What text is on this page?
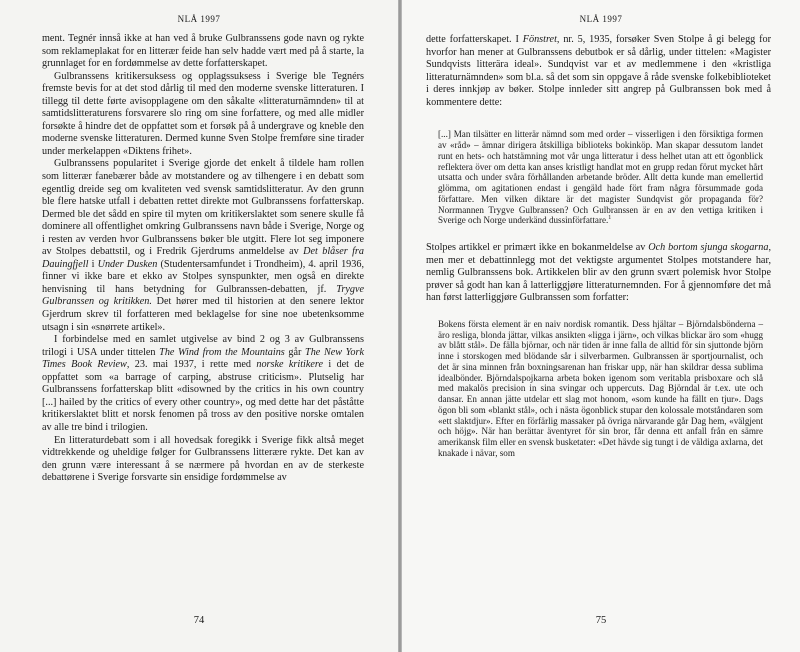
NLÅ 1997

ment. Tegnér innså ikke at han ved å bruke Gulbranssens gode navn og rykte som reklameplakat for en litterær feide han selv hadde vært med på å starte, la grunnlaget for en fordømmelse av dette forfatterskapet.

Gulbranssens kritikersuksess og opplagssuksess i Sverige ble Tegnérs fremste bevis for at det stod dårlig til med den moderne svenske litteraturen. I tillegg til dette førte avisopplagene om den såkalte «litteraturnämnden» til at samtidslitteraturens forsvarere slo ring om sine forfattere, og med alle midler forsøkte å hindre det de oppfattet som et forsøk på å undergrave og kneble den moderne svenske litteraturen. Dermed kunne Sven Stolpe fremføre sine tirader under merkelappen «Diktens frihet».

Gulbranssens popularitet i Sverige gjorde det enkelt å tildele ham rollen som litterær fanebærer både av motstandere og av tilhengere i en debatt som egentlig dreide seg om kvaliteten ved svensk samtidslitteratur. Av den grunn ble flere hatske utfall i debatten rettet direkte mot Gulbranssens forfatterskap. Dermed ble det sådd en spire til myten om kritikerslaktet som senere skulle få dominere all offentlighet omkring Gulbranssens navn både i Sverige, Norge og i resten av verden hvor Gulbranssens bøker ble utgitt. Flere lot seg imponere av Stolpes debattstil, og i Fredrik Gjerdrums anmeldelse av Det blåser fra Dauingfjell i Under Dusken (Studentersamfundet i Trondheim), 4. april 1936, finner vi ikke bare et ekko av Stolpes synspunkter, men også en direkte henvisning til hans betydning for Gulbranssen-debatten, jf. Trygve Gulbranssen og kritikken. Det hører med til historien at den senere lektor Gjerdrum skrev til forfatteren med beklagelse for sine noe ubetenksomme utsagn i sin «snørrete artikel».

I forbindelse med en samlet utgivelse av bind 2 og 3 av Gulbranssens trilogi i USA under tittelen The Wind from the Mountains går The New York Times Book Review, 23. mai 1937, i rette med norske kritikere i det de oppfattet som «a barrage of carping, abstruse criticism». Plutselig har Gulbranssens forfatterskap blitt «disowned by the critics in his own country [...] hailed by the critics of every other country», og med dette har det påståtte kritikerslaktet blitt et norsk fenomen på tross av den positive norske omtalen av alle tre bind i trilogien.

En litteraturdebatt som i all hovedsak foregikk i Sverige fikk altså meget vidtrekkende og uheldige følger for Gulbranssens litterære rykte. Det kan av den grunn være interessant å se nærmere på hvordan en av de sterkeste debattørene i Sverige forsvarte sin ensidige fordømmelse av

74
NLÅ 1997

dette forfatterskapet. I Fönstret, nr. 5, 1935, forsøker Sven Stolpe å gi belegg for hvorfor han mener at Gulbranssens debutbok er så dårlig, under tittelen: «Magister Sundqvists litterära ideal». Sundqvist var et av medlemmene i den «kristliga litteraturnämnden» som bl.a. så det som sin oppgave å råde svenske folkebiblioteket i deres innkjøp av bøker. Stolpe innleder sitt angrep på Gulbranssen bok med å kommentere dette:

[...] Man tilsätter en litterär nämnd som med order – visserligen i den försiktiga formen av «råd» – ämnar dirigera åtskilliga biblioteks bokinköp. Man skapar dessutom landet runt en hets- och hatstämning mot vår unga litteratur i dess helhet utan att ett ögonblick reflektera över om detta kan anses kristligt handlat mot en grupp redan förut mycket hårt utsatta och under svåra förhållanden arbetande bröder. Allt detta kunde man emellertid glömma, om agitationen endast i gengäld hade fört fram några försummade goda författare. Men vilken diktare är det magister Sundqvist gör propaganda för? Norrmannen Trygve Gulbranssen? Och Gulbranssen är en av den vettiga kritiken i Sverige och Norge underkänd dussinförfattare.$^1$

Stolpes artikkel er primært ikke en bokanmeldelse av Och bortom sjunga skogarna, men mer et debattinnlegg mot det vektigste argumentet Stolpes motstandere har, nemlig Gulbranssens bok. Artikkelen blir av den grunn svært polemisk hvor Stolpe prøver så godt han kan å latterliggjøre litteraturnemnden. For å gjennomføre det må han først latterliggjøre Gulbranssen som forfatter:

Bokens första element är en naiv nordisk romantik. Dess hjältar – Björndalsbönderna – äro resliga, blonda jättar, vilkas ansikten «ligga i järn», och vilkas blickar äro som «hugg av blått stål». De fälla björnar, och när tiden är inne falla de alltid för sin sjuttonde björn inne i storskogen med blödande sår i silverbarmen. Gulbranssen är sportjournalist, och det är sina minnen från boxningsarenan han friskar upp, när han skildrar dessa sublima idealbönder. Björndalspojkarna arbeta boken igenom som veritabla prisboxare och slå med makalös precision in sina svingar och uppercuts. Dag Björndal är t.ex. ute och dansar. En annan jätte utdelar ett slag mot honom, «som kunde ha fällt en tjur». Dags ögon bli som «blankt stål», och i nästa ögonblick stupar den kolossale motståndaren som «ett slaktdjur». Efter en förfärlig massaker på övriga närvarande går Dag hem, «välgjent och höjg». När han berättar äventyret för sin bror, får denna ett anfall från en sämre amerikansk film eller en svensk busketater: «Det hävde sig tungt i de väldiga axlarna, det knakade i nävar, som

75
